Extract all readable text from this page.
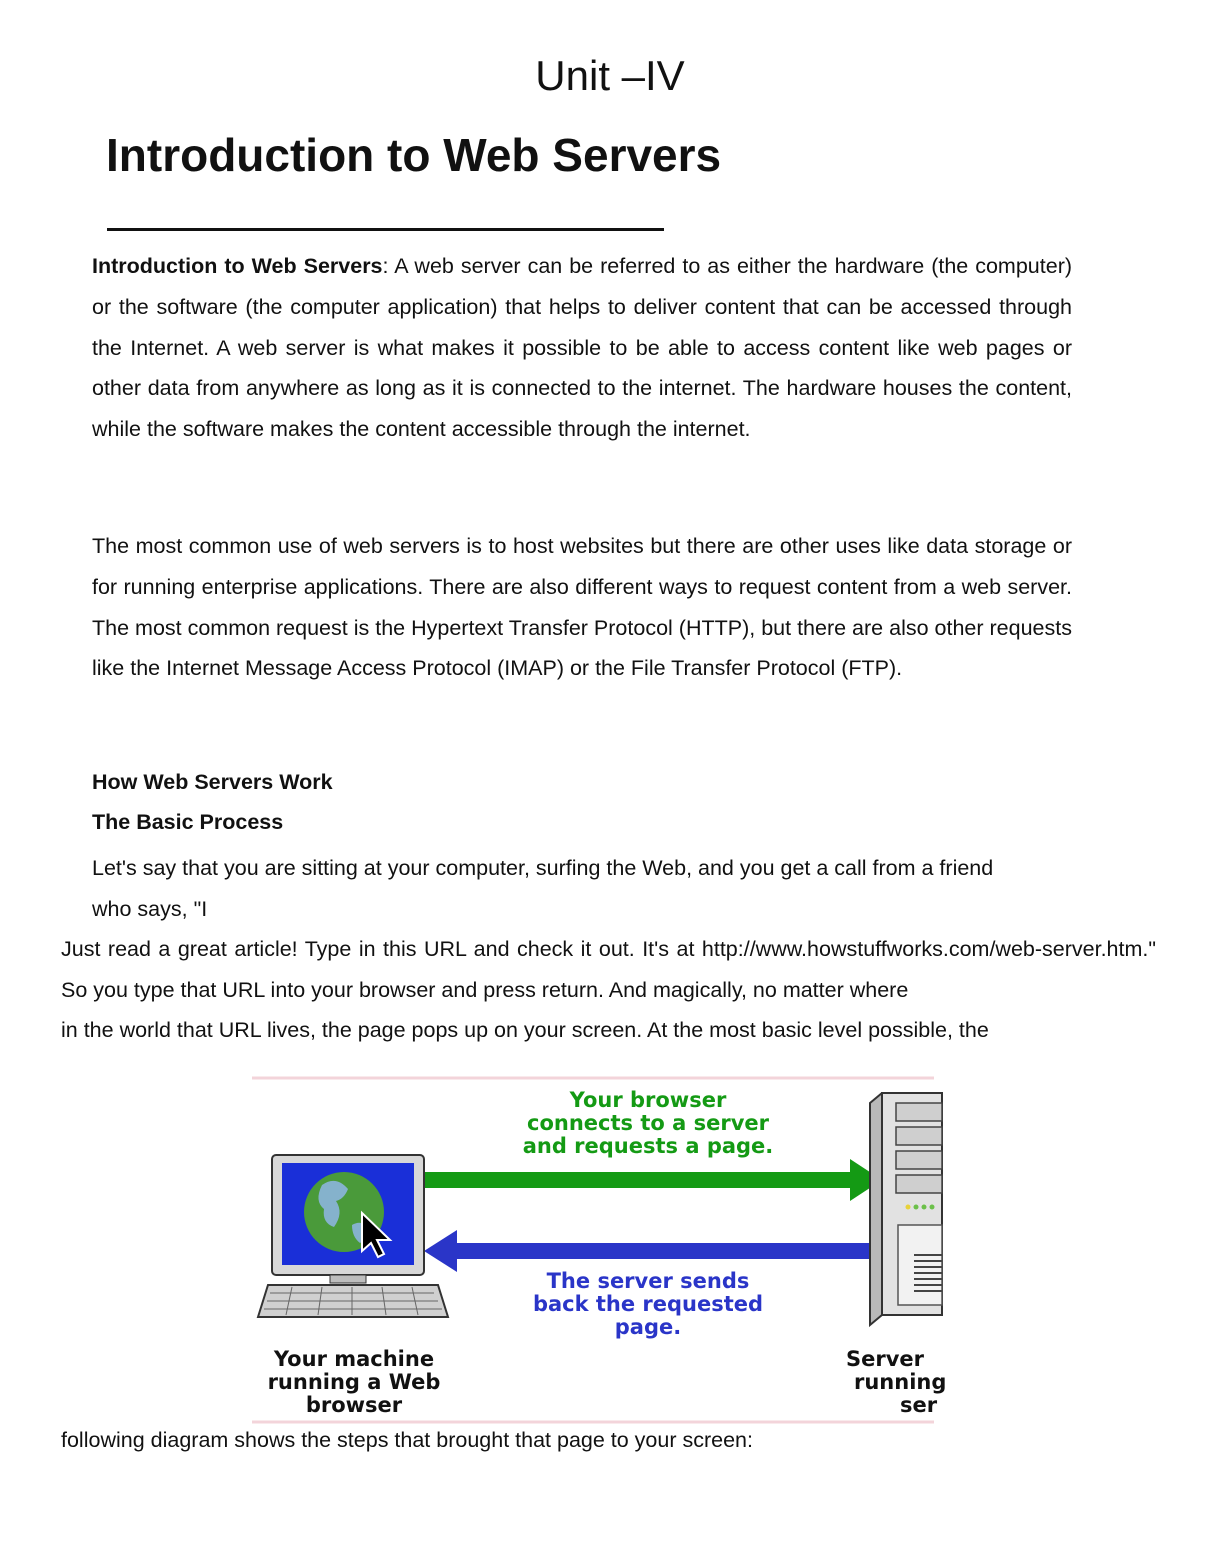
Unit –IV
Introduction to Web Servers

Introduction to Web Servers: A web server can be referred to as either the hardware (the computer) or the software (the computer application) that helps to deliver content that can be accessed through the Internet. A web server is what makes it possible to be able to access content like web pages or other data from anywhere as long as it is connected to the internet. The hardware houses the content, while the software makes the content accessible through the internet.

The most common use of web servers is to host websites but there are other uses like data storage or for running enterprise applications. There are also different ways to request content from a web server. The most common request is the Hypertext Transfer Protocol (HTTP), but there are also other requests like the Internet Message Access Protocol (IMAP) or the File Transfer Protocol (FTP).

How Web Servers Work

The Basic Process

Let's say that you are sitting at your computer, surfing the Web, and you get a call from a friend who says, "I

Just read a great article! Type in this URL and check it out. It's at http://www.howstuffworks.com/web-server.htm." So you type that URL into your browser and press return. And magically, no matter where
in the world that URL lives, the page pops up on your screen. At the most basic level possible, the

Your browser
connects to a server
and requests a page.
The server sends
back the requested
page.
Your machine
running a Web
browser
Server
running
ser

following diagram shows the steps that brought that page to your screen:
